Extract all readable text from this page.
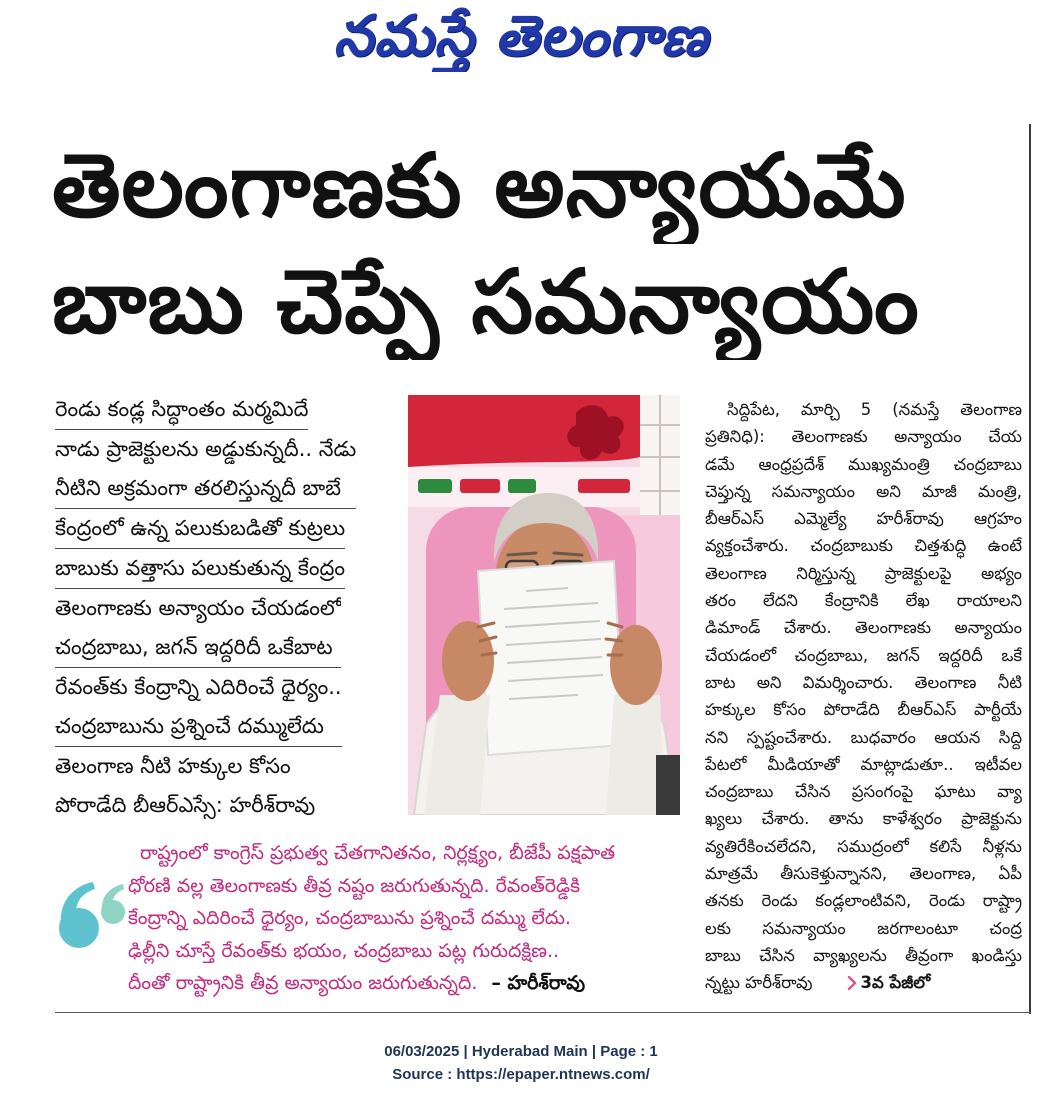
నమస్తే తెలంగాణ
తెలంగాణకు అన్యాయమే
బాబు చెప్పే సమన్యాయం
రెండు కండ్ల సిద్ధాంతం మర్మమిదే
నాడు ప్రాజెక్టులను అడ్డుకున్నదీ.. నేడు
నీటిని అక్రమంగా తరలిస్తున్నదీ బాబే
కేంద్రంలో ఉన్న పలుకుబడితో కుట్రలు
బాబుకు వత్తాసు పలుకుతున్న కేంద్రం
తెలంగాణకు అన్యాయం చేయడంలో
చంద్రబాబు, జగన్ ఇద్దరిదీ ఒకేబాట
రేవంత్‌కు కేంద్రాన్ని ఎదిరించే ధైర్యం..
చంద్రబాబును ప్రశ్నించే దమ్ములేదు
తెలంగాణ నీటి హక్కుల కోసం
పోరాడేది బీఆర్‌ఎస్సే: హరీశ్‌రావు
సిద్దిపేట, మార్చి 5 (నమస్తే తెలంగాణ
ప్రతినిధి): తెలంగాణకు అన్యాయం చేయ
డమే ఆంధ్రప్రదేశ్ ముఖ్యమంత్రి చంద్రబాబు
చెప్తున్న సమన్యాయం అని మాజీ మంత్రి,
బీఆర్‌ఎస్ ఎమ్మెల్యే హరీశ్‌రావు ఆగ్రహం
వ్యక్తంచేశారు. చంద్రబాబుకు చిత్తశుద్ధి ఉంటే
తెలంగాణ నిర్మిస్తున్న ప్రాజెక్టులపై అభ్యం
తరం లేదని కేంద్రానికి లేఖ రాయాలని
డిమాండ్ చేశారు. తెలంగాణకు అన్యాయం
చేయడంలో చంద్రబాబు, జగన్ ఇద్దరిదీ ఒకే
బాట అని విమర్శించారు. తెలంగాణ నీటి
హక్కుల కోసం పోరాడేది బీఆర్‌ఎస్ పార్టీయే
నని స్పష్టంచేశారు. బుధవారం ఆయన సిద్ది
పేటలో మీడియాతో మాట్లాడుతూ.. ఇటీవల
చంద్రబాబు చేసిన ప్రసంగంపై ఘాటు వ్యా
ఖ్యలు చేశారు. తాను కాళేశ్వరం ప్రాజెక్టును
వ్యతిరేకించలేదని, సముద్రంలో కలిసే నీళ్లను
మాత్రమే తీసుకెళ్తున్నానని, తెలంగాణ, ఏపీ
తనకు రెండు కండ్లలాంటివని, రెండు రాష్ట్రా
లకు సమన్యాయం జరగాలంటూ చంద్ర
బాబు చేసిన వ్యాఖ్యలను తీవ్రంగా ఖండిస్తు
న్నట్టు హరీశ్‌రావు	3వ పేజీలో
రాష్ట్రంలో కాంగ్రెస్ ప్రభుత్వ చేతగానితనం, నిర్లక్ష్యం, బీజేపీ పక్షపాత
ధోరణి వల్ల తెలంగాణకు తీవ్ర నష్టం జరుగుతున్నది. రేవంత్‌రెడ్డికి
కేంద్రాన్ని ఎదిరించే ధైర్యం, చంద్రబాబును ప్రశ్నించే దమ్ము లేదు.
ఢిల్లీని చూస్తే రేవంత్‌కు భయం, చంద్రబాబు పట్ల గురుదక్షిణ..
దీంతో రాష్ట్రానికి తీవ్ర అన్యాయం జరుగుతున్నది. – హరీశ్‌రావు
06/03/2025 | Hyderabad Main | Page : 1
Source : https://epaper.ntnews.com/
